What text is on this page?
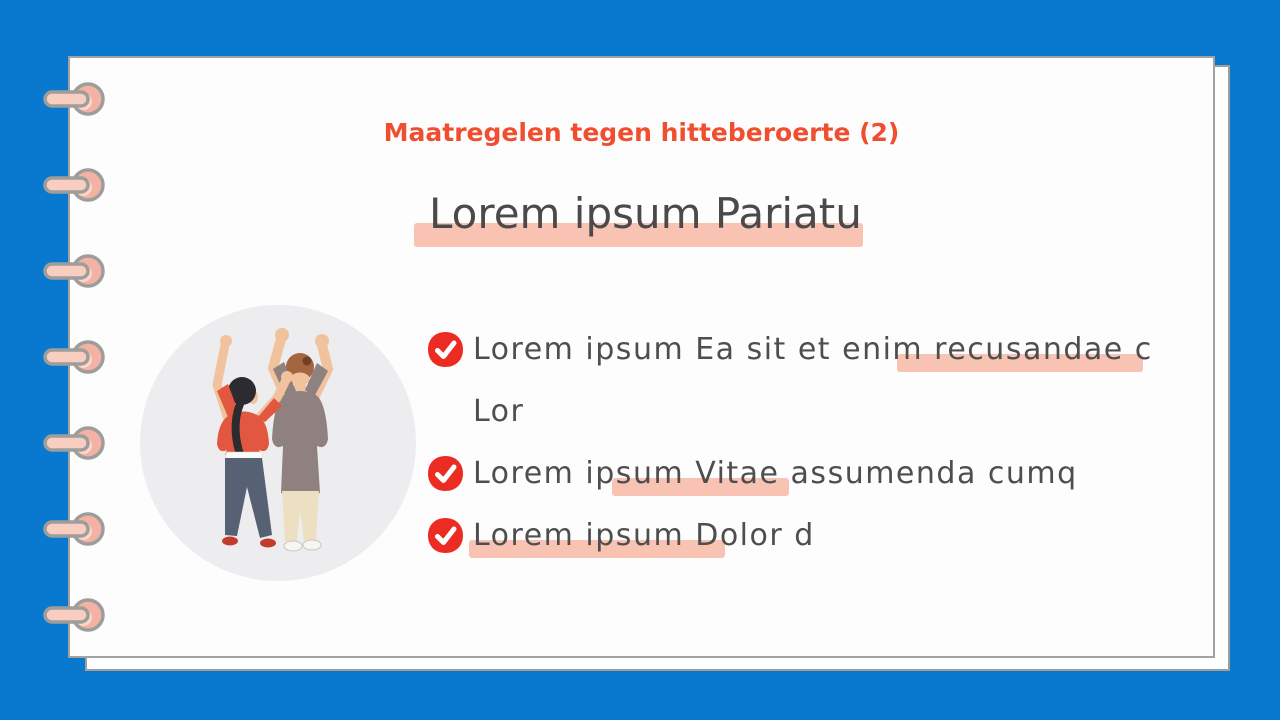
Maatregelen tegen hitteberoerte (2)
Lorem ipsum Pariatu
Lorem ipsum Ea sit et enim recusandae c
Lor
Lorem ipsum Vitae assumenda cumq
Lorem ipsum Dolor d
